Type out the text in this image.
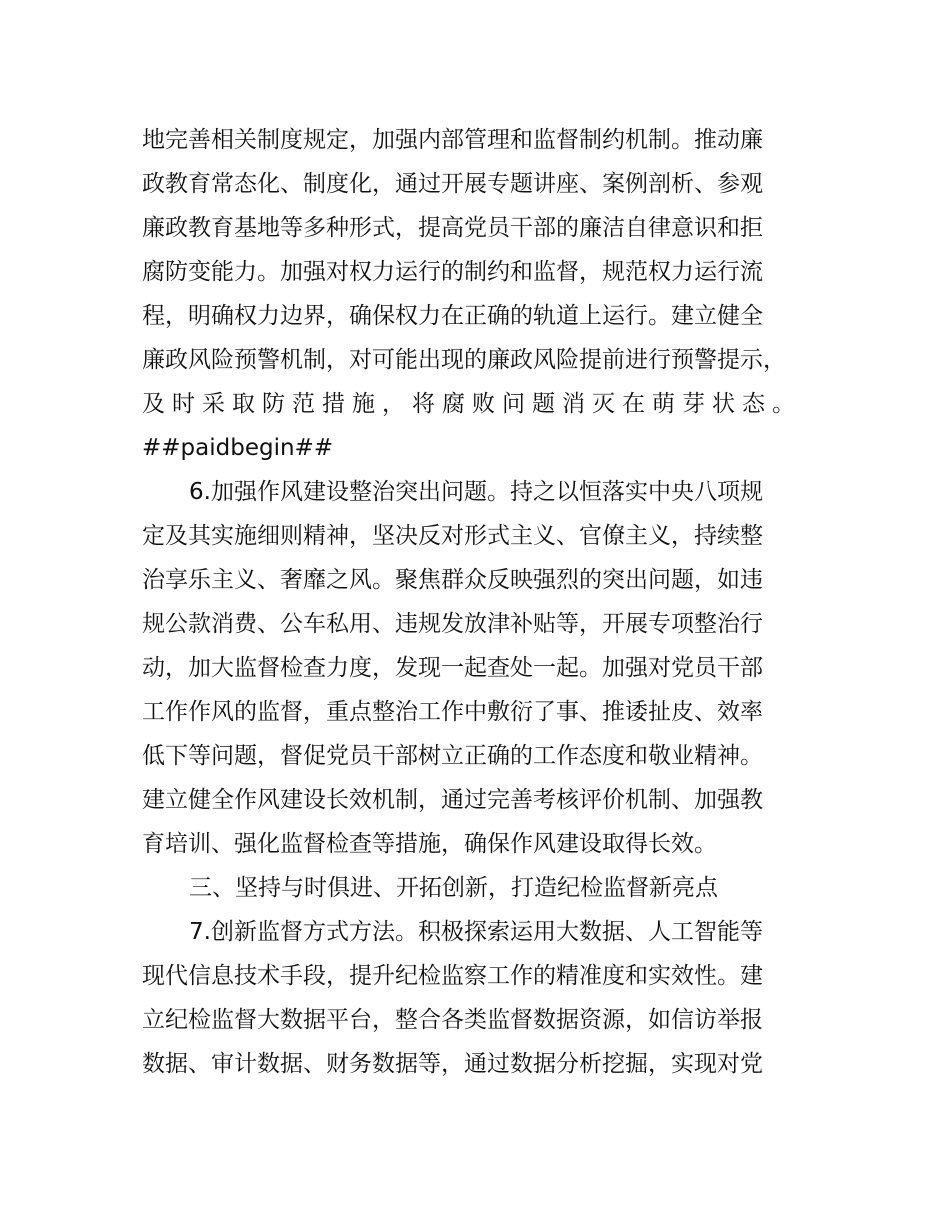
地完善相关制度规定，加强内部管理和监督制约机制。推动廉
政教育常态化、制度化，通过开展专题讲座、案例剖析、参观
廉政教育基地等多种形式，提高党员干部的廉洁自律意识和拒
腐防变能力。加强对权力运行的制约和监督，规范权力运行流
程，明确权力边界，确保权力在正确的轨道上运行。建立健全
廉政风险预警机制，对可能出现的廉政风险提前进行预警提示，
及时采取防范措施，将腐败问题消灭在萌芽状态。
##paidbegin##
6.加强作风建设整治突出问题。持之以恒落实中央八项规
定及其实施细则精神，坚决反对形式主义、官僚主义，持续整
治享乐主义、奢靡之风。聚焦群众反映强烈的突出问题，如违
规公款消费、公车私用、违规发放津补贴等，开展专项整治行
动，加大监督检查力度，发现一起查处一起。加强对党员干部
工作作风的监督，重点整治工作中敷衍了事、推诿扯皮、效率
低下等问题，督促党员干部树立正确的工作态度和敬业精神。
建立健全作风建设长效机制，通过完善考核评价机制、加强教
育培训、强化监督检查等措施，确保作风建设取得长效。
三、坚持与时俱进、开拓创新，打造纪检监督新亮点
7.创新监督方式方法。积极探索运用大数据、人工智能等
现代信息技术手段，提升纪检监察工作的精准度和实效性。建
立纪检监督大数据平台，整合各类监督数据资源，如信访举报
数据、审计数据、财务数据等，通过数据分析挖掘，实现对党
